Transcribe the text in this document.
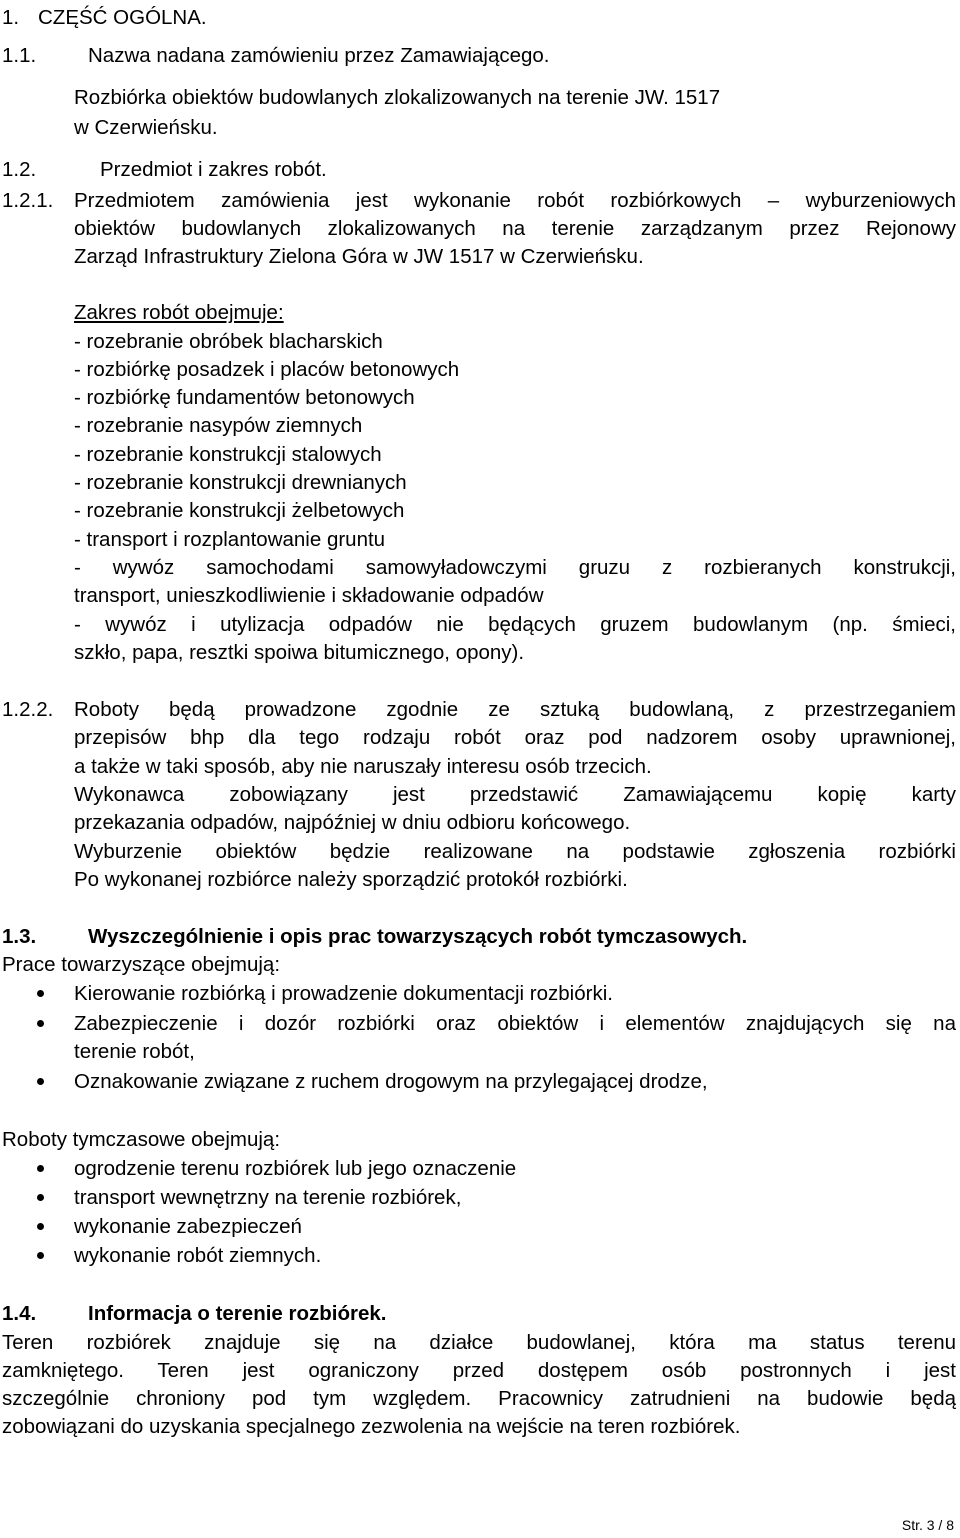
1. CZĘŚĆ OGÓLNA.
1.1.	Nazwa nadana zamówieniu przez Zamawiającego.
Rozbiórka obiektów budowlanych zlokalizowanych na terenie JW. 1517
w Czerwieńsku.
1.2.	Przedmiot i zakres robót.
1.2.1. Przedmiotem zamówienia jest wykonanie robót rozbiórkowych – wyburzeniowych
obiektów budowlanych zlokalizowanych na terenie zarządzanym przez Rejonowy
Zarząd Infrastruktury Zielona Góra w JW 1517 w Czerwieńsku.
Zakres robót obejmuje:
- rozebranie obróbek blacharskich
- rozbiórkę posadzek i placów betonowych
- rozbiórkę fundamentów betonowych
- rozebranie nasypów ziemnych
- rozebranie konstrukcji stalowych
- rozebranie konstrukcji drewnianych
- rozebranie konstrukcji żelbetowych
- transport i rozplantowanie gruntu
- wywóz samochodami samowyładowczymi gruzu z rozbieranych konstrukcji,
transport, unieszkodliwienie i składowanie odpadów
- wywóz i utylizacja odpadów nie będących gruzem budowlanym (np. śmieci,
szkło, papa, resztki spoiwa bitumicznego, opony).
1.2.2. Roboty będą prowadzone zgodnie ze sztuką budowlaną, z przestrzeganiem
przepisów bhp dla tego rodzaju robót oraz pod nadzorem osoby uprawnionej,
a także w taki sposób, aby nie naruszały interesu osób trzecich.
Wykonawca zobowiązany jest przedstawić Zamawiającemu kopię karty
przekazania odpadów, najpóźniej w dniu odbioru końcowego.
Wyburzenie obiektów będzie realizowane na podstawie zgłoszenia rozbiórki
Po wykonanej rozbiórce należy sporządzić protokół rozbiórki.
1.3.	Wyszczególnienie i opis prac towarzyszących robót tymczasowych.
Prace towarzyszące obejmują:
Kierowanie rozbiórką i prowadzenie dokumentacji rozbiórki.
Zabezpieczenie i dozór rozbiórki oraz obiektów i elementów znajdujących się na
terenie robót,
Oznakowanie związane z ruchem drogowym na przylegającej drodze,
Roboty tymczasowe obejmują:
ogrodzenie terenu rozbiórek lub jego oznaczenie
transport wewnętrzny na terenie rozbiórek,
wykonanie zabezpieczeń
wykonanie robót ziemnych.
1.4.	Informacja o terenie rozbiórek.
Teren rozbiórek znajduje się na działce budowlanej, która ma status terenu
zamkniętego. Teren jest ograniczony przed dostępem osób postronnych i jest
szczególnie chroniony pod tym względem. Pracownicy zatrudnieni na budowie będą
zobowiązani do uzyskania specjalnego zezwolenia na wejście na teren rozbiórek.
Str. 3 / 8
